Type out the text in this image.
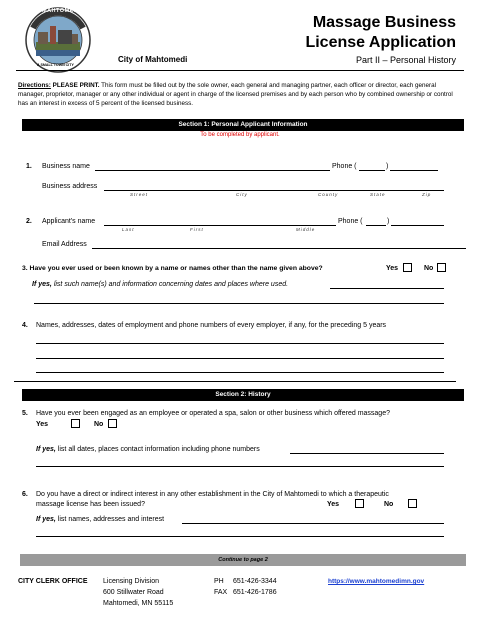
MAHTOMEDI
A SMALL TOWN CITY
City of Mahtomedi
Massage Business
License Application
Part II – Personal History
Directions: PLEASE PRINT. This form must be filled out by the sole owner, each general and managing partner, each officer or director, each general manager, proprietor, manager or any other individual or agent in charge of the licensed premises and by each person who by combined ownership or control has an interest in excess of 5 percent of the licensed business.
Section 1: Personal Applicant Information
To be completed by applicant.
1. Business name	Phone (	)
Business address
Street	City	County	State	Zip
2. Applicant's name	Phone (	)
Last	First	Middle
Email Address
3. Have you ever used or been known by a name or names other than the name given above?	Yes	No
If yes, list such name(s) and information concerning dates and places where used.
4. Names, addresses, dates of employment and phone numbers of every employer, if any, for the preceding 5 years
Section 2: History
5. Have you ever been engaged as an employee or operated a spa, salon or other business which offered massage?
Yes	No
If yes, list all dates, places contact information including phone numbers
6. Do you have a direct or indirect interest in any other establishment in the City of Mahtomedi to which a therapeutic
massage license has been issued?	Yes	No
If yes, list names, addresses and interest
Continue to page 2
CITY CLERK OFFICE Licensing Division
600 Stillwater Road
Mahtomedi, MN 55115
PH 651-426-3344
FAX 651-426-1786
https://www.mahtomedimn.gov
